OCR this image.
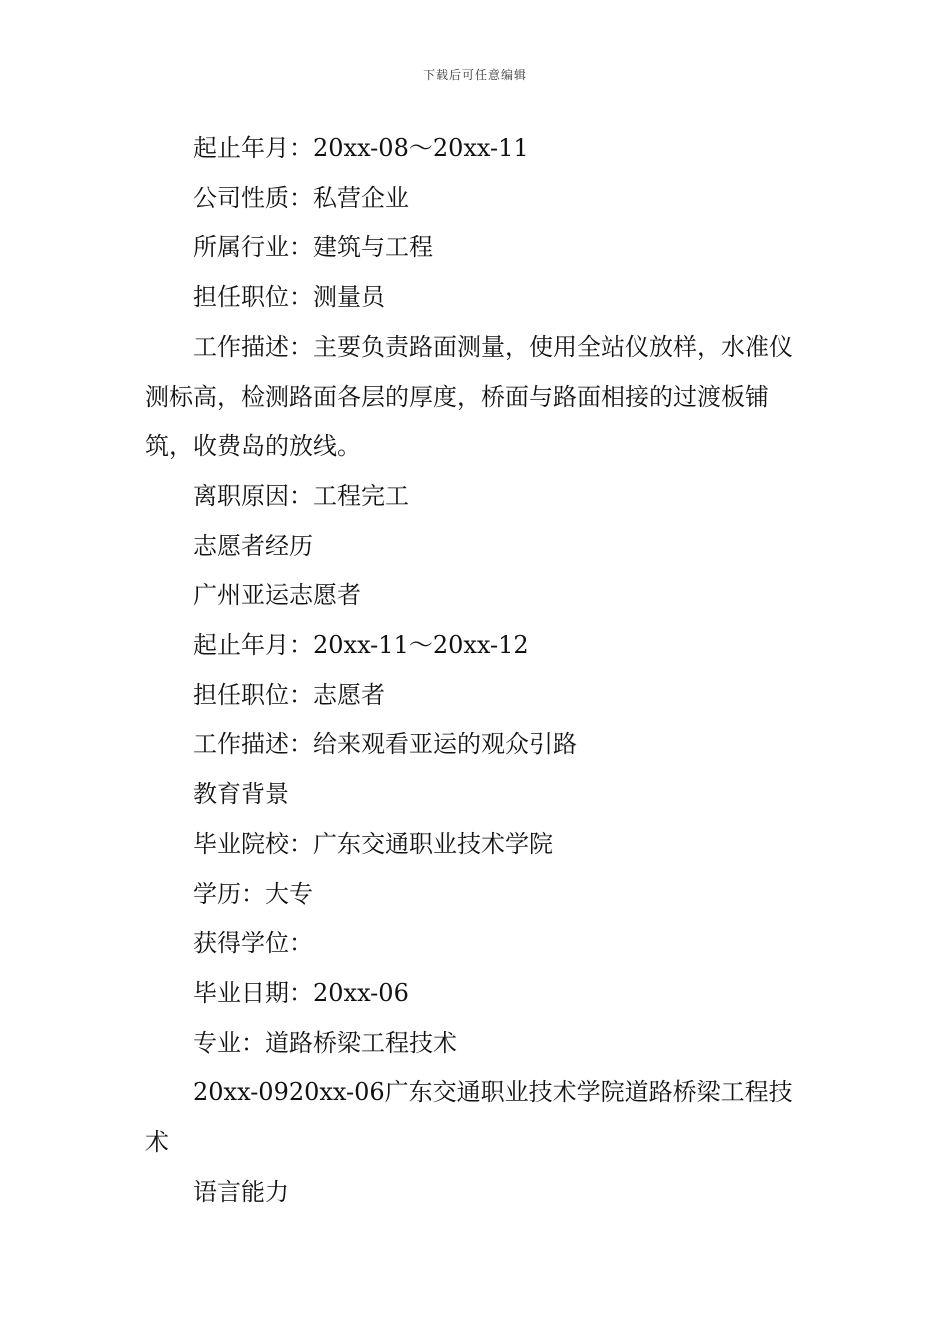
下载后可任意编辑

起止年月：20xx-08～20xx-11

公司性质：私营企业

所属行业：建筑与工程

担任职位：测量员

工作描述：主要负责路面测量，使用全站仪放样，水准仪测标高，检测路面各层的厚度，桥面与路面相接的过渡板铺筑，收费岛的放线。

离职原因：工程完工

志愿者经历

广州亚运志愿者

起止年月：20xx-11～20xx-12

担任职位：志愿者

工作描述：给来观看亚运的观众引路

教育背景

毕业院校：广东交通职业技术学院

学历：大专

获得学位：

毕业日期：20xx-06

专业：道路桥梁工程技术

20xx-0920xx-06广东交通职业技术学院道路桥梁工程技术

语言能力
